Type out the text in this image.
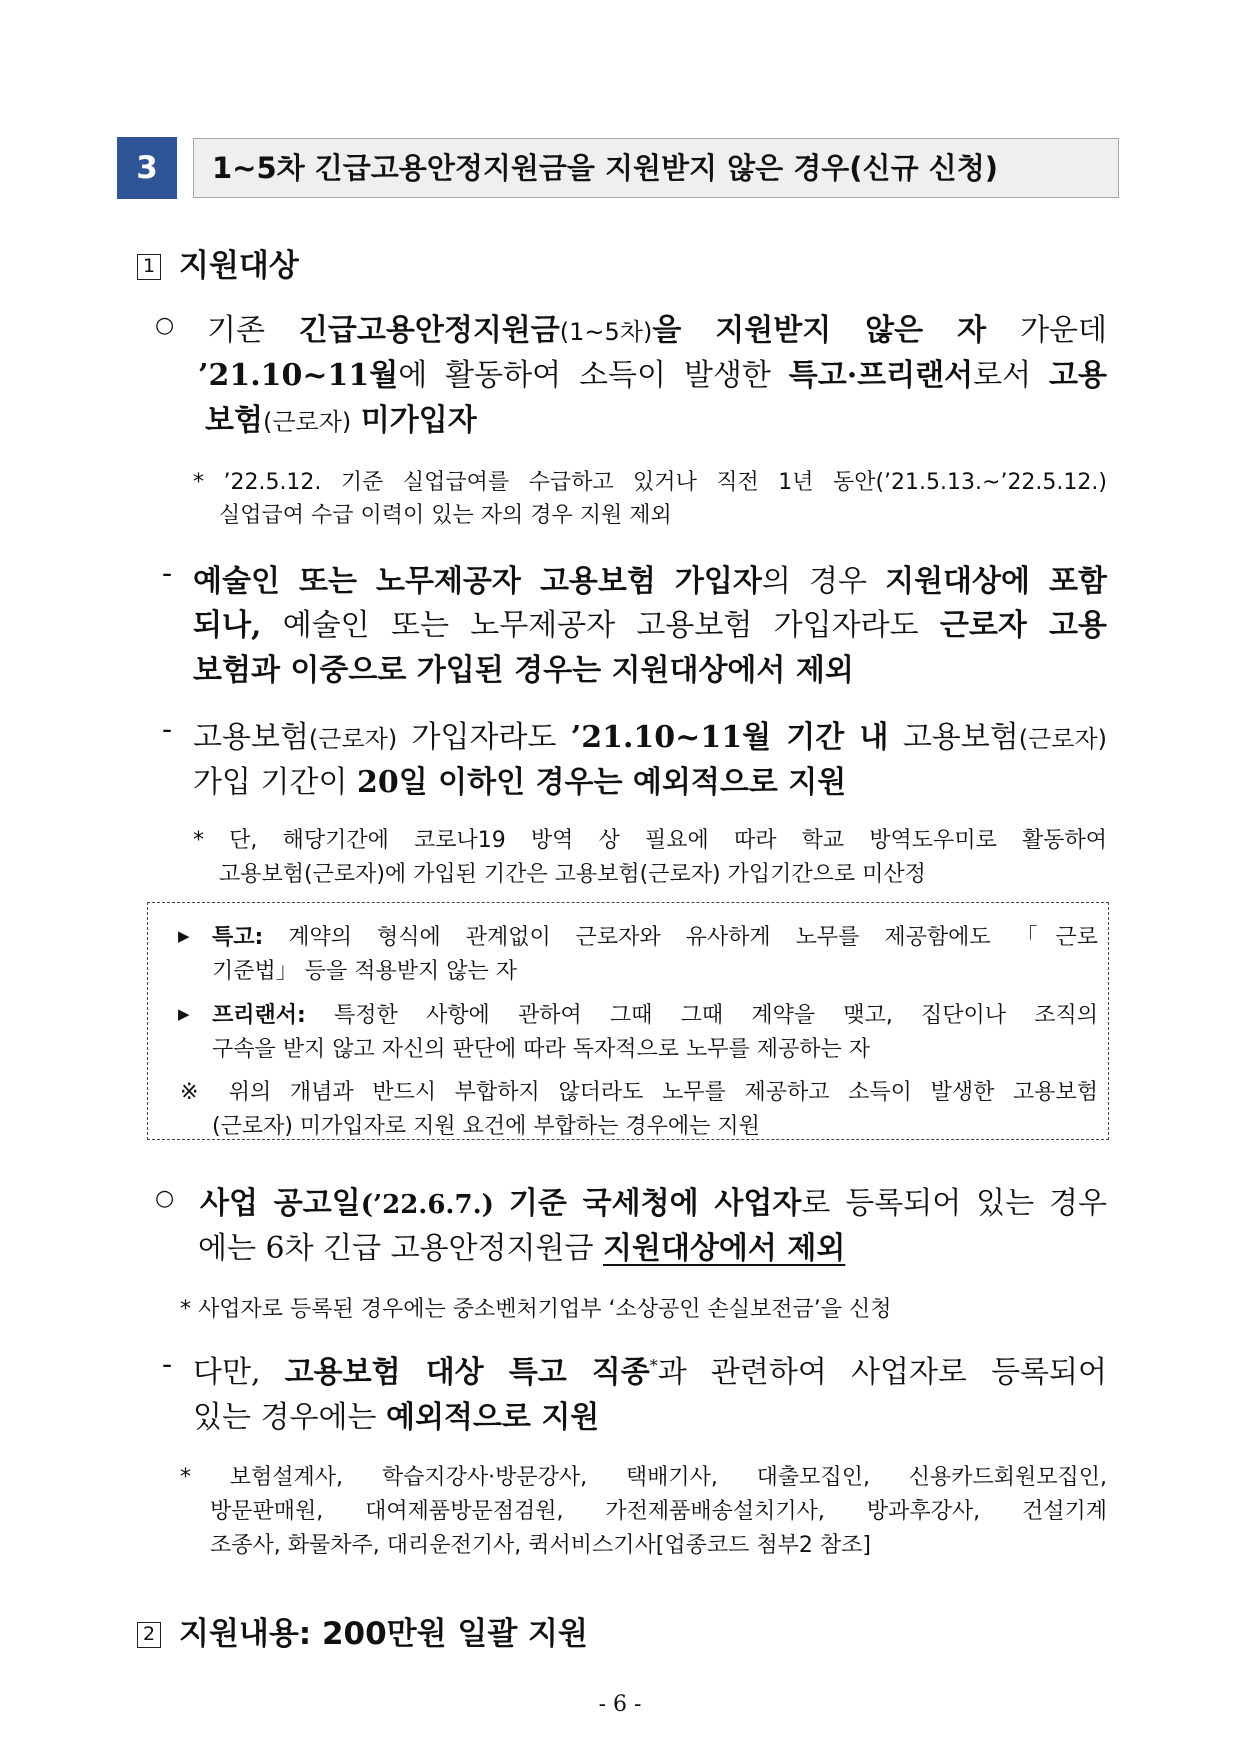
3	1~5차 긴급고용안정지원금을 지원받지 않은 경우(신규 신청)
1 지원대상
○ 기존 긴급고용안정지원금(1~5차)을 지원받지 않은 자 가운데
’21.10~11월에 활동하여 소득이 발생한 특고·프리랜서로서 고용
보험(근로자) 미가입자
* ’22.5.12. 기준 실업급여를 수급하고 있거나 직전 1년 동안(’21.5.13.~’22.5.12.)
실업급여 수급 이력이 있는 자의 경우 지원 제외
- 예술인 또는 노무제공자 고용보험 가입자의 경우 지원대상에 포함
되나, 예술인 또는 노무제공자 고용보험 가입자라도 근로자 고용
보험과 이중으로 가입된 경우는 지원대상에서 제외
- 고용보험(근로자) 가입자라도 ’21.10~11월 기간 내 고용보험(근로자)
가입 기간이 20일 이하인 경우는 예외적으로 지원
* 단, 해당기간에 코로나19 방역 상 필요에 따라 학교 방역도우미로 활동하여
고용보험(근로자)에 가입된 기간은 고용보험(근로자) 가입기간으로 미산정
▶ 특고: 계약의 형식에 관계없이 근로자와 유사하게 노무를 제공함에도 「근로
기준법」 등을 적용받지 않는 자
▶ 프리랜서: 특정한 사항에 관하여 그때 그때 계약을 맺고, 집단이나 조직의
구속을 받지 않고 자신의 판단에 따라 독자적으로 노무를 제공하는 자
※ 위의 개념과 반드시 부합하지 않더라도 노무를 제공하고 소득이 발생한 고용보험
(근로자) 미가입자로 지원 요건에 부합하는 경우에는 지원
○ 사업 공고일(’22.6.7.) 기준 국세청에 사업자로 등록되어 있는 경우
에는 6차 긴급 고용안정지원금 지원대상에서 제외
* 사업자로 등록된 경우에는 중소벤처기업부 ‘소상공인 손실보전금’을 신청
- 다만, 고용보험 대상 특고 직종*과 관련하여 사업자로 등록되어
있는 경우에는 예외적으로 지원
* 보험설계사, 학습지강사·방문강사, 택배기사, 대출모집인, 신용카드회원모집인,
방문판매원, 대여제품방문점검원, 가전제품배송설치기사, 방과후강사, 건설기계
조종사, 화물차주, 대리운전기사, 퀵서비스기사[업종코드 첨부2 참조]
2 지원내용: 200만원 일괄 지원
- 6 -
